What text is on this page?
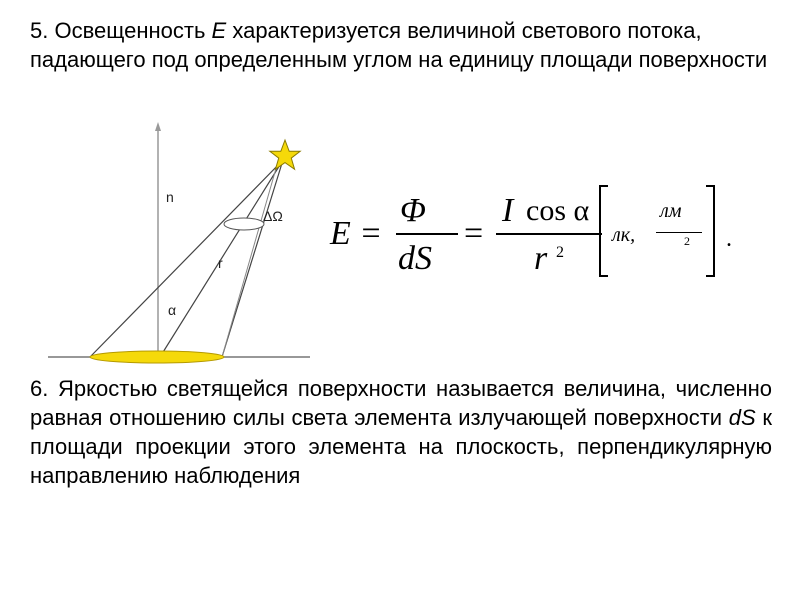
5. Освещенность E характеризуется величиной светового потока, падающего под определенным углом на единицу площади поверхности
n
ΔΩ
r
α
E =
Φ
dS
=
I cos α
r 2
лк,
лм
2 .
6. Яркостью светящейся поверхности называется величина, численно равная отношению силы света элемента излучающей поверхности dS к площади проекции этого элемента на плоскость, перпендикулярную направлению наблюдения
